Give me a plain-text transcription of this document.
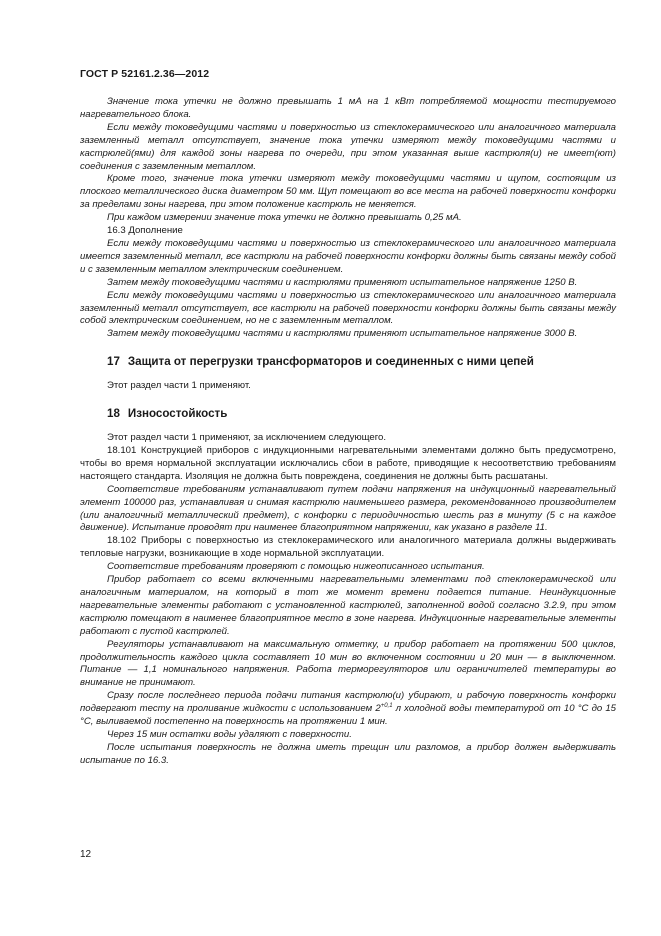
ГОСТ Р 52161.2.36—2012

Значение тока утечки не должно превышать 1 мА на 1 кВт потребляемой мощности тестируемого нагревательного блока.

Если между токоведущими частями и поверхностью из стеклокерамического или аналогичного материала заземленный металл отсутствует, значение тока утечки измеряют между токоведущими частями и кастрюлей(ями) для каждой зоны нагрева по очереди, при этом указанная выше кастрюля(и) не имеет(ют) соединения с заземленным металлом.

Кроме того, значение тока утечки измеряют между токоведущими частями и щупом, состоящим из плоского металлического диска диаметром 50 мм. Щуп помещают во все места на рабочей поверхности конфорки за пределами зоны нагрева, при этом положение кастрюль не меняется.

При каждом измерении значение тока утечки не должно превышать 0,25 мА.

16.3 Дополнение

Если между токоведущими частями и поверхностью из стеклокерамического или аналогичного материала имеется заземленный металл, все кастрюли на рабочей поверхности конфорки должны быть связаны между собой и с заземленным металлом электрическим соединением.

Затем между токоведущими частями и кастрюлями применяют испытательное напряжение 1250 В.

Если между токоведущими частями и поверхностью из стеклокерамического или аналогичного материала заземленный металл отсутствует, все кастрюли на рабочей поверхности конфорки должны быть связаны между собой электрическим соединением, но не с заземленным металлом.

Затем между токоведущими частями и кастрюлями применяют испытательное напряжение 3000 В.

17 Защита от перегрузки трансформаторов и соединенных с ними цепей

Этот раздел части 1 применяют.

18 Износостойкость

Этот раздел части 1 применяют, за исключением следующего.

18.101 Конструкцией приборов с индукционными нагревательными элементами должно быть предусмотрено, чтобы во время нормальной эксплуатации исключались сбои в работе, приводящие к несоответствию требованиям настоящего стандарта. Изоляция не должна быть повреждена, соединения не должны быть расшатаны.

Соответствие требованиям устанавливают путем подачи напряжения на индукционный нагревательный элемент 100000 раз, устанавливая и снимая кастрюлю наименьшего размера, рекомендованного производителем (или аналогичный металлический предмет), с конфорки с периодичностью шесть раз в минуту (5 с на каждое движение). Испытание проводят при наименее благоприятном напряжении, как указано в разделе 11.

18.102 Приборы с поверхностью из стеклокерамического или аналогичного материала должны выдерживать тепловые нагрузки, возникающие в ходе нормальной эксплуатации.

Соответствие требованиям проверяют с помощью нижеописанного испытания.

Прибор работает со всеми включенными нагревательными элементами под стеклокерамической или аналогичным материалом, на который в тот же момент времени подается питание. Неиндукционные нагревательные элементы работают с установленной кастрюлей, заполненной водой согласно 3.2.9, при этом кастрюлю помещают в наименее благоприятное место в зоне нагрева. Индукционные нагревательные элементы работают с пустой кастрюлей.

Регуляторы устанавливают на максимальную отметку, и прибор работает на протяжении 500 циклов, продолжительность каждого цикла составляет 10 мин во включенном состоянии и 20 мин — в выключенном. Питание — 1,1 номинального напряжения. Работа терморегуляторов или ограничителей температуры во внимание не принимают.

Сразу после последнего периода подачи питания кастрюлю(и) убирают, и рабочую поверхность конфорки подвергают тесту на проливание жидкости с использованием $2^{+0,1}$ л холодной воды температурой от 10 °С до 15 °С, выливаемой постепенно на поверхность на протяжении 1 мин.

Через 15 мин остатки воды удаляют с поверхности.

После испытания поверхность не должна иметь трещин или разломов, а прибор должен выдерживать испытание по 16.3.

12
